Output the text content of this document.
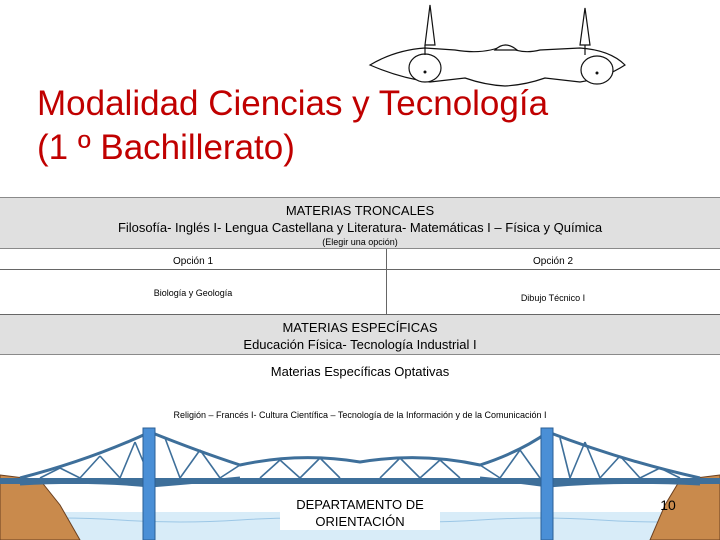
Modalidad Ciencias y Tecnología
(1 º Bachillerato)
MATERIAS TRONCALES
Filosofía- Inglés I- Lengua Castellana y Literatura- Matemáticas I – Física y Química
(Elegir una opción)
Opción 1	Opción 2
Biología y Geología	Dibujo Técnico I
MATERIAS ESPECÍFICAS
Educación Física- Tecnología Industrial I
Materias Específicas Optativas
Religión – Francés I- Cultura Científica – Tecnología de la Información y de la Comunicación I
DEPARTAMENTO DE
ORIENTACIÓN
10
